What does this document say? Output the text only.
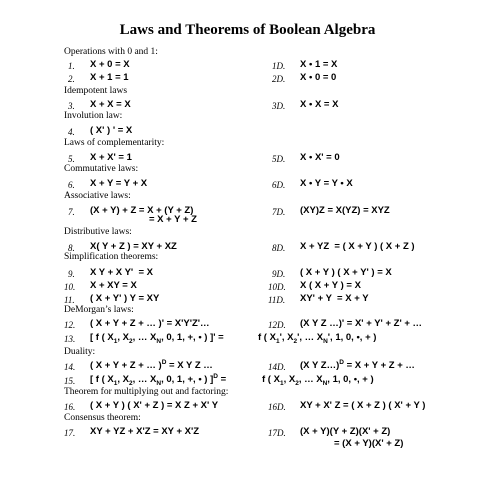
Laws and Theorems of Boolean Algebra
Operations with 0 and 1:
Idempotent laws
Involution law:
Laws of complementarity:
Commutative laws:
Associative laws:
Distributive laws:
Simplification theorems:
DeMorgan’s laws:
Duality:
Theorem for multiplying out and factoring:
Consensus theorem:
1. X + 0 = X	1D. X • 1 = X
2. X + 1 = 1	2D. X • 0 = 0
3. X + X = X	3D. X • X = X
4. ( X' ) ' = X
5. X + X' = 1	5D. X • X' = 0
6. X + Y = Y + X	6D. X • Y = Y • X
7. (X + Y) + Z = X + (Y + Z)
= X + Y + Z
7D. (XY)Z = X(YZ) = XYZ
8. X( Y + Z ) = XY + XZ	8D. X + YZ  = ( X + Y ) ( X + Z )
9. X Y + X Y'  = X	9D. ( X + Y ) ( X + Y' ) = X
10. X + XY = X	10D. X ( X + Y ) = X
11. ( X + Y' ) Y = XY	11D. XY' + Y  = X + Y
12. ( X + Y + Z + … )' = X'Y'Z'…	12D. (X Y Z …)' = X' + Y' + Z' + …
13. [ f ( $X_1$, $X_2$, … $X_N$, 0, 1, +, • ) ]' =	f ( $X_1'$, $X_2'$, … $X_N'$, 1, 0, •, + )
14. ( X + Y + Z + … )$^D$ = X Y Z …	14D. (X Y Z…)$^D$ = X + Y + Z + …
15. [ f ( $X_1$, $X_2$, … $X_N$, 0, 1, +, • ) ]$^D$ =	f ( $X_1$, $X_2$, … $X_N$, 1, 0, •, + )
16. ( X + Y ) ( X' + Z ) = X Z + X' Y	16D. XY + X' Z = ( X + Z ) ( X' + Y )
17. XY + YZ + X'Z = XY + X'Z	17D. (X + Y)(Y + Z)(X' + Z)
= (X + Y)(X' + Z)
